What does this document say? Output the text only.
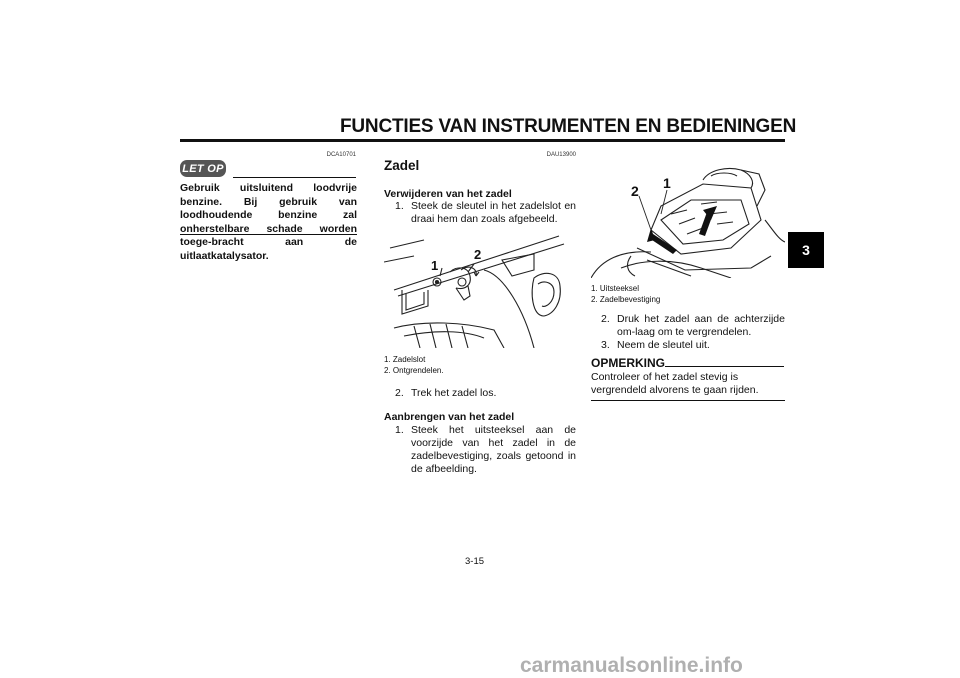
FUNCTIES VAN INSTRUMENTEN EN BEDIENINGEN
3
DCA10701
LET OP
Gebruik uitsluitend loodvrije benzine. Bij gebruik van loodhoudende benzine zal onherstelbare schade worden toege-bracht aan de uitlaatkatalysator.
DAU13900
Zadel
Verwijderen van het zadel
1. Steek de sleutel in het zadelslot en draai hem dan zoals afgebeeld.
1
2
1. Zadelslot
2. Ontgrendelen.
2. Trek het zadel los.
Aanbrengen van het zadel
1. Steek het uitsteeksel aan de voorzijde van het zadel in de zadelbevestiging, zoals getoond in de afbeelding.
2 1
1. Uitsteeksel
2. Zadelbevestiging
2. Druk het zadel aan de achterzijde om-laag om te vergrendelen.
3. Neem de sleutel uit.
OPMERKING
Controleer of het zadel stevig is vergrendeld alvorens te gaan rijden.
3-15
carmanualsonline.info
